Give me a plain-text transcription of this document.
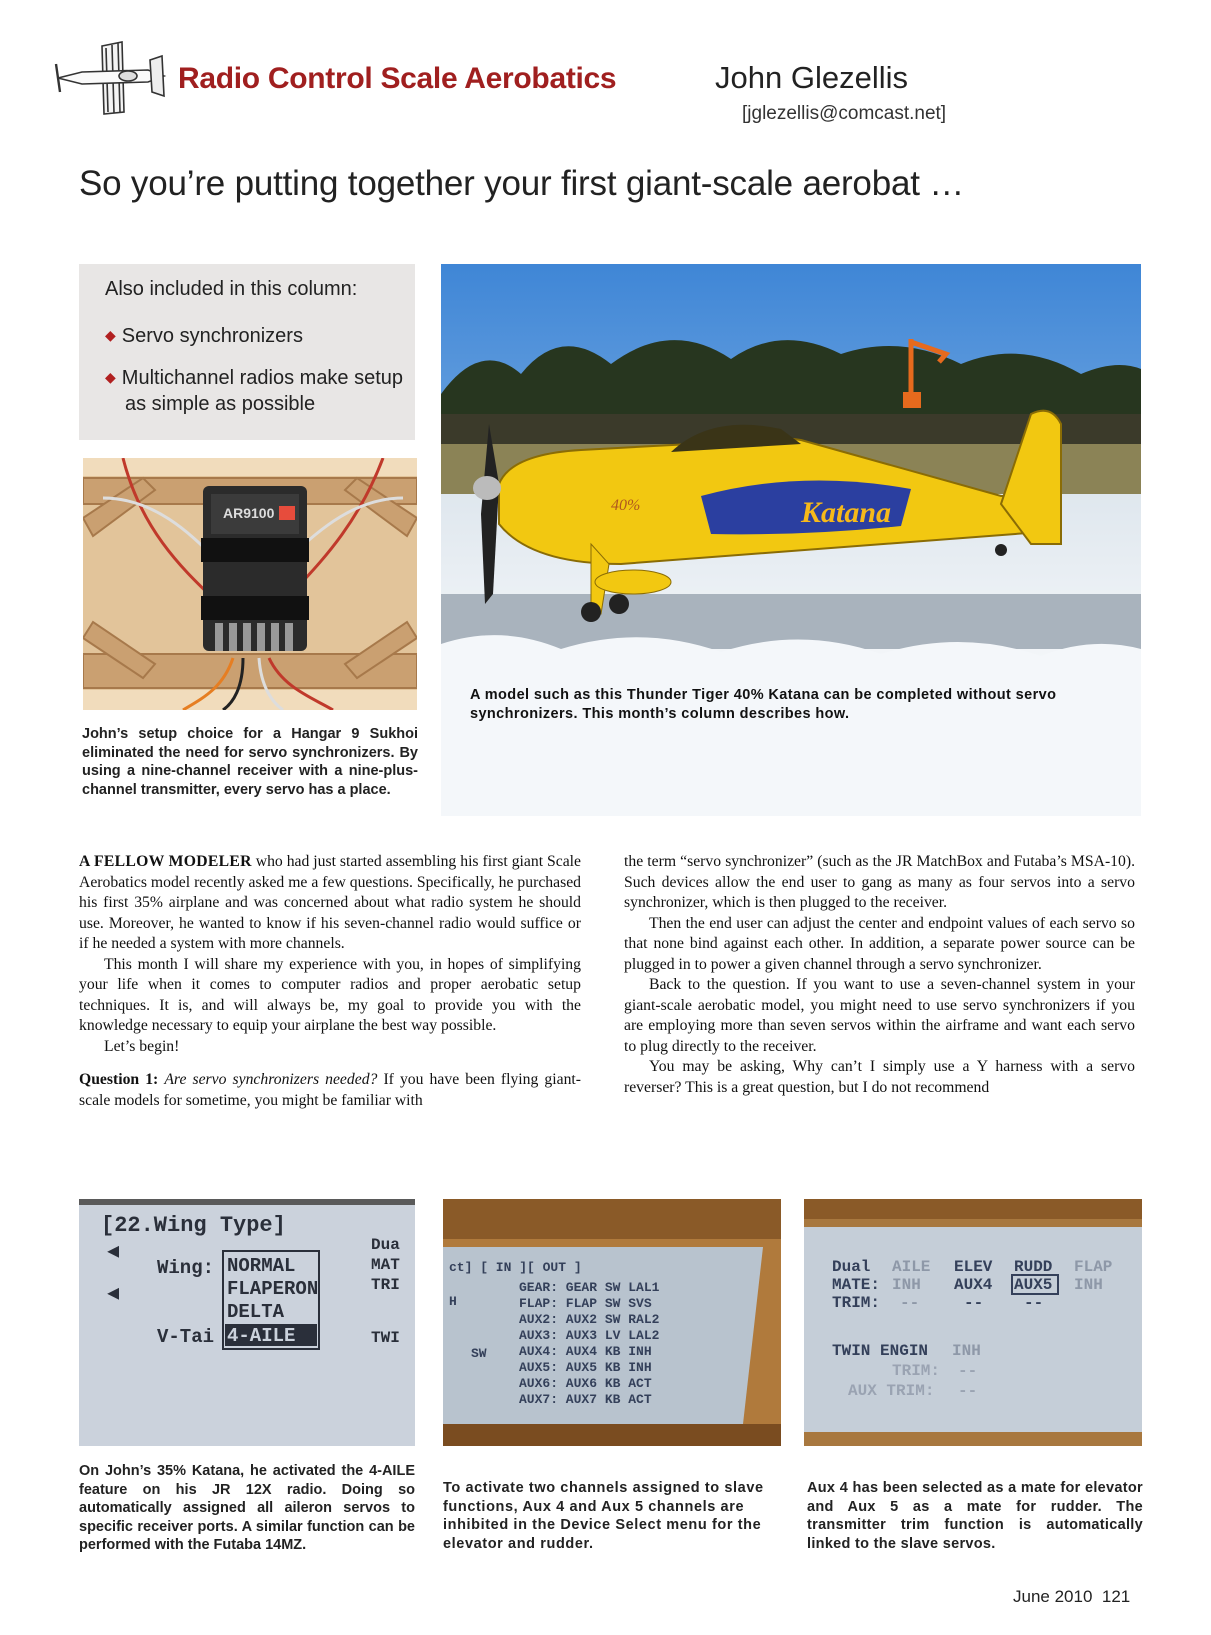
Radio Control Scale Aerobatics	John Glezellis
[jglezellis@comcast.net]
So you’re putting together your first giant-scale aerobat …
Also included in this column:
◆ Servo synchronizers
◆ Multichannel radios make setup as simple as possible
AR9100
John’s setup choice for a Hangar 9 Sukhoi eliminated the need for servo synchronizers. By using a nine-channel receiver with a nine-plus-channel transmitter, every servo has a place.
Katana
40%
A model such as this Thunder Tiger 40% Katana can be completed without servo synchronizers. This month’s column describes how.

A FELLOW MODELER who had just started assembling his first giant Scale Aerobatics model recently asked me a few questions. Specifically, he purchased his first 35% airplane and was concerned about what radio system he should use. Moreover, he wanted to know if his seven-channel radio would suffice or if he needed a system with more channels.

This month I will share my experience with you, in hopes of simplifying your life when it comes to computer radios and proper aerobatic setup techniques. It is, and will always be, my goal to provide you with the knowledge necessary to equip your airplane the best way possible.

Let’s begin!

Question 1: Are servo synchronizers needed? If you have been flying giant-scale models for sometime, you might be familiar with

the term “servo synchronizer” (such as the JR MatchBox and Futaba’s MSA-10). Such devices allow the end user to gang as many as four servos into a servo synchronizer, which is then plugged to the receiver.

Then the end user can adjust the center and endpoint values of each servo so that none bind against each other. In addition, a separate power source can be plugged in to power a given channel through a servo synchronizer.

Back to the question. If you want to use a seven-channel system in your giant-scale aerobatic model, you might need to use servo synchronizers if you are employing more than seven servos within the airframe and want each servo to plug directly to the receiver.

You may be asking, Why can’t I simply use a Y harness with a servo reverser? This is a great question, but I do not recommend

[22.Wing Type]
◀
◀
Wing: NORMAL
FLAPERON
DELTA
4-AILE
V-Tai
Dua
MAT
TRI
TWI
On John’s 35% Katana, he activated the 4-AILE feature on his JR 12X radio. Doing so automatically assigned all aileron servos to specific receiver ports. A similar function can be performed with the Futaba 14MZ.
ct] [ IN ][ OUT ]
H
SW
GEAR: GEAR SW LAL1
FLAP: FLAP SW SVS
AUX2: AUX2 SW RAL2
AUX3: AUX3 LV LAL2
AUX4: AUX4 KB INH
AUX5: AUX5 KB INH
AUX6: AUX6 KB ACT
AUX7: AUX7 KB ACT
To activate two channels assigned to slave functions, Aux 4 and Aux 5 channels are inhibited in the Device Select menu for the elevator and rudder.
Dual AILE ELEV RUDD FLAP
MATE: INH AUX4 AUX5 INH
TRIM: --	--	--
TWIN ENGIN INH
TRIM: --
AUX TRIM: --
Aux 4 has been selected as a mate for elevator and Aux 5 as a mate for rudder. The transmitter trim function is automatically linked to the slave servos.
June 2010 121
